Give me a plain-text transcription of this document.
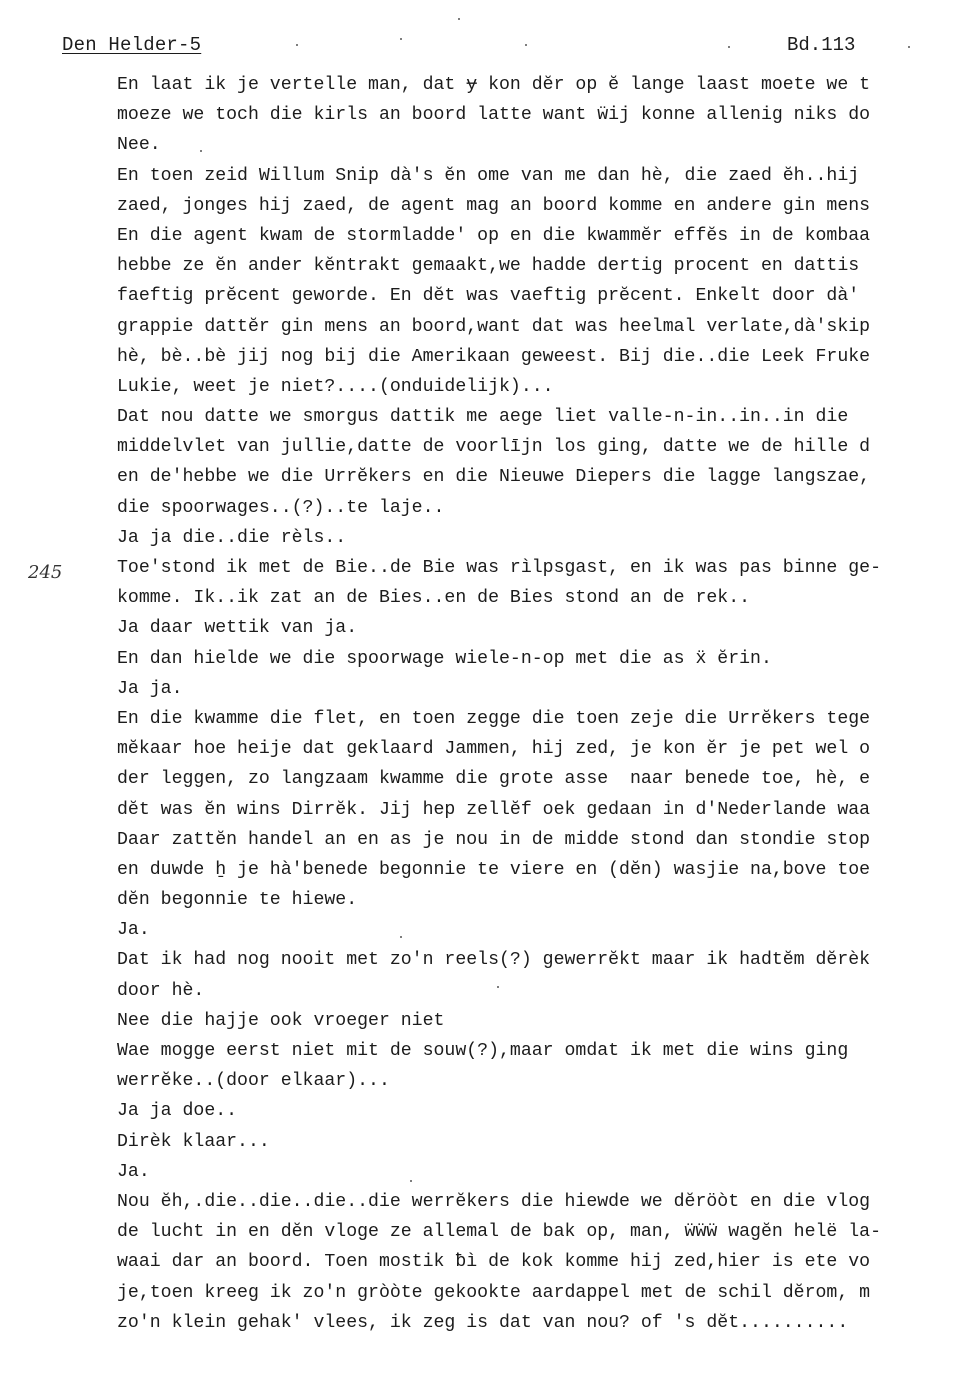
Den Helder-5	Bd.113
245
En laat ik je vertelle man, dat ɏ kon dĕr op ĕ lange laast moete we t
moeze we toch die kirls an boord latte want ẅij konne allenig niks do
Nee.
En toen zeid Willum Snip dà's ĕn ome van me dan hè, die zaed ĕh..hij
zaed, jonges hij zaed, de agent mag an boord komme en andere gin mens
En die agent kwam de stormladde' op en die kwammĕr effĕs in de kombaa
hebbe ze ĕn ander kĕntrakt gemaakt,we hadde dertig procent en dattis
faeftig prĕcent geworde. En dĕt was vaeftig prĕcent. Enkelt door dà'
grappie dattĕr gin mens an boord,want dat was heelmal verlate,dà'skip
hè, bè..bè jij nog bij die Amerikaan geweest. Bij die..die Leek Fruke
Lukie, weet je niet?....(onduidelijk)...
Dat nou datte we smorgus dattik me aege liet valle-n-in..in..in die
middelvlet van jullie,datte de voorlījn los ging, datte we de hille d
en de'hebbe we die Urrĕkers en die Nieuwe Diepers die lagge langszae,
die spoorwages..(?)..te laje..
Ja ja die..die rèls..
Toe'stond ik met de Bie..de Bie was rìlpsgast, en ik was pas binne ge-
komme. Ik..ik zat an de Bies..en de Bies stond an de rek..
Ja daar wettik van ja.
En dan hielde we die spoorwage wiele-n-op met die as ẍ ĕrin.
Ja ja.
En die kwamme die flet, en toen zegge die toen zeje die Urrĕkers tege
mĕkaar hoe heije dat geklaard Jammen, hij zed, je kon ĕr je pet wel o
der leggen, zo langzaam kwamme die grote asse  naar benede toe, hè, e
dĕt was ĕn wins Dirrĕk. Jij hep zellĕf oek gedaan in d'Nederlande waa
Daar zattĕn handel an en as je nou in de midde stond dan stondie stop
en duwde ẖ je hà'benede begonnie te viere en (dĕn) wasjie na,bove toe
dĕn begonnie te hiewe.
Ja.
Dat ik had nog nooit met zo'n reels(?) gewerrĕkt maar ik hadtĕm dĕrèk
door hè.
Nee die hajje ook vroeger niet
Wae mogge eerst niet mit de souw(?),maar omdat ik met die wins ging
werrĕke..(door elkaar)...
Ja ja doe..
Dirèk klaar...
Ja.
Nou ĕh,.die..die..die..die werrĕkers die hiewde we dĕröòt en die vlog
de lucht in en dĕn vloge ze allemal de bak op, man, ẅẅẅ wagĕn helë la-
waai dar an boord. Toen mostik ƀì de kok komme hij zed,hier is ete vo
je,toen kreeg ik zo'n gròòte gekookte aardappel met de schil dĕrom, m
zo'n klein gehak' vlees, ik zeg is dat van nou? of 's dĕt..........
